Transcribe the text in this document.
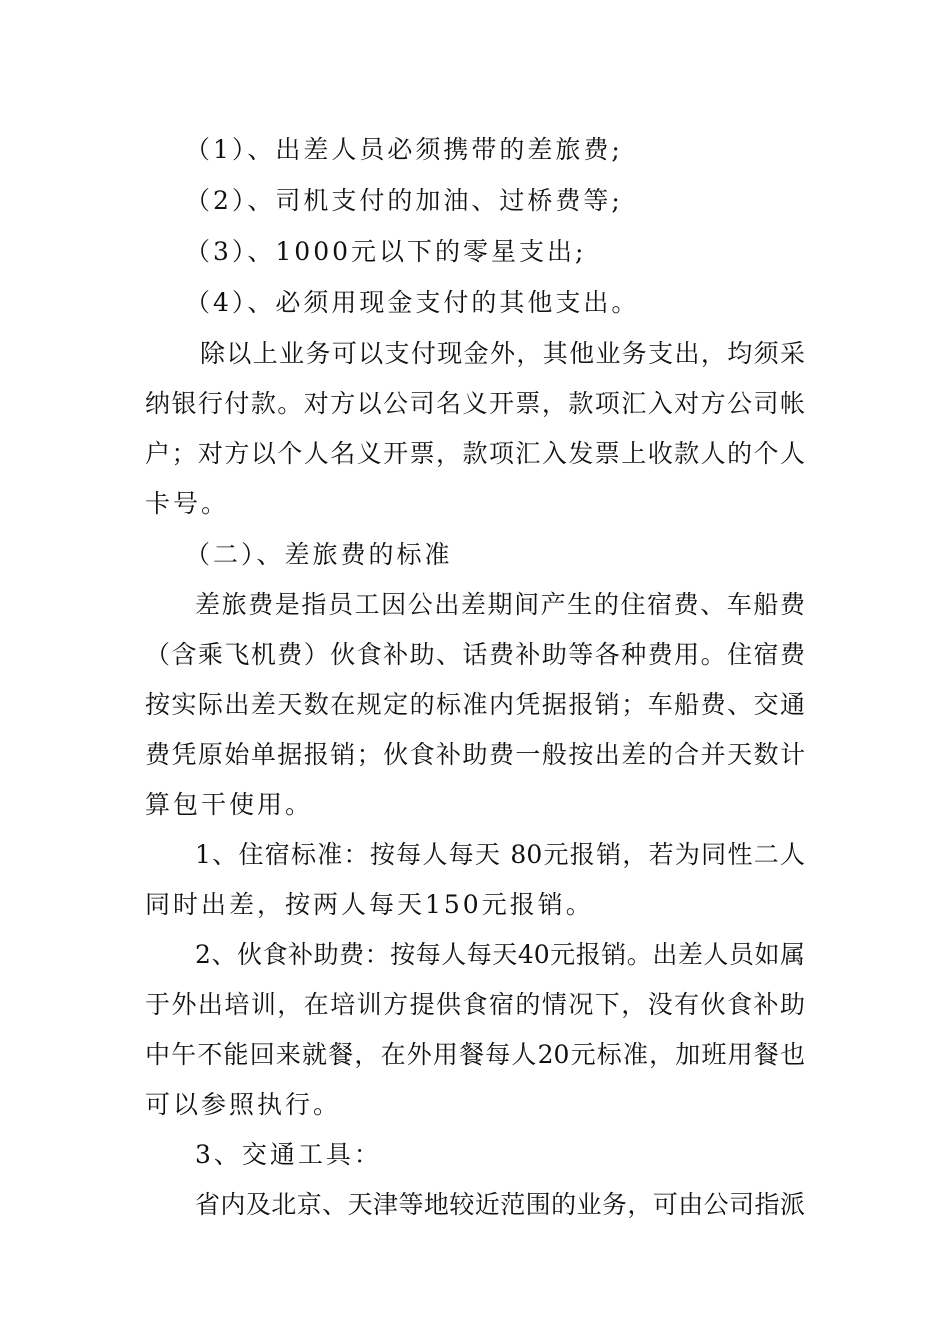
（1）、出差人员必须携带的差旅费;

（2）、司机支付的加油、过桥费等;

（3）、1000元以下的零星支出;

（4）、必须用现金支付的其他支出。

除以上业务可以支付现金外，其他业务支出，均须采

纳银行付款。对方以公司名义开票，款项汇入对方公司帐

户；对方以个人名义开票，款项汇入发票上收款人的个人

卡号。

（二）、差旅费的标准

差旅费是指员工因公出差期间产生的住宿费、车船费

（含乘飞机费）伙食补助、话费补助等各种费用。住宿费

按实际出差天数在规定的标准内凭据报销；车船费、交通

费凭原始单据报销；伙食补助费一般按出差的合并天数计

算包干使用。

1、住宿标准：按每人每天 80元报销，若为同性二人

同时出差，按两人每天150元报销。

2、伙食补助费：按每人每天40元报销。出差人员如属

于外出培训，在培训方提供食宿的情况下，没有伙食补助

中午不能回来就餐，在外用餐每人20元标准，加班用餐也

可以参照执行。

3、交通工具：

省内及北京、天津等地较近范围的业务，可由公司指派
